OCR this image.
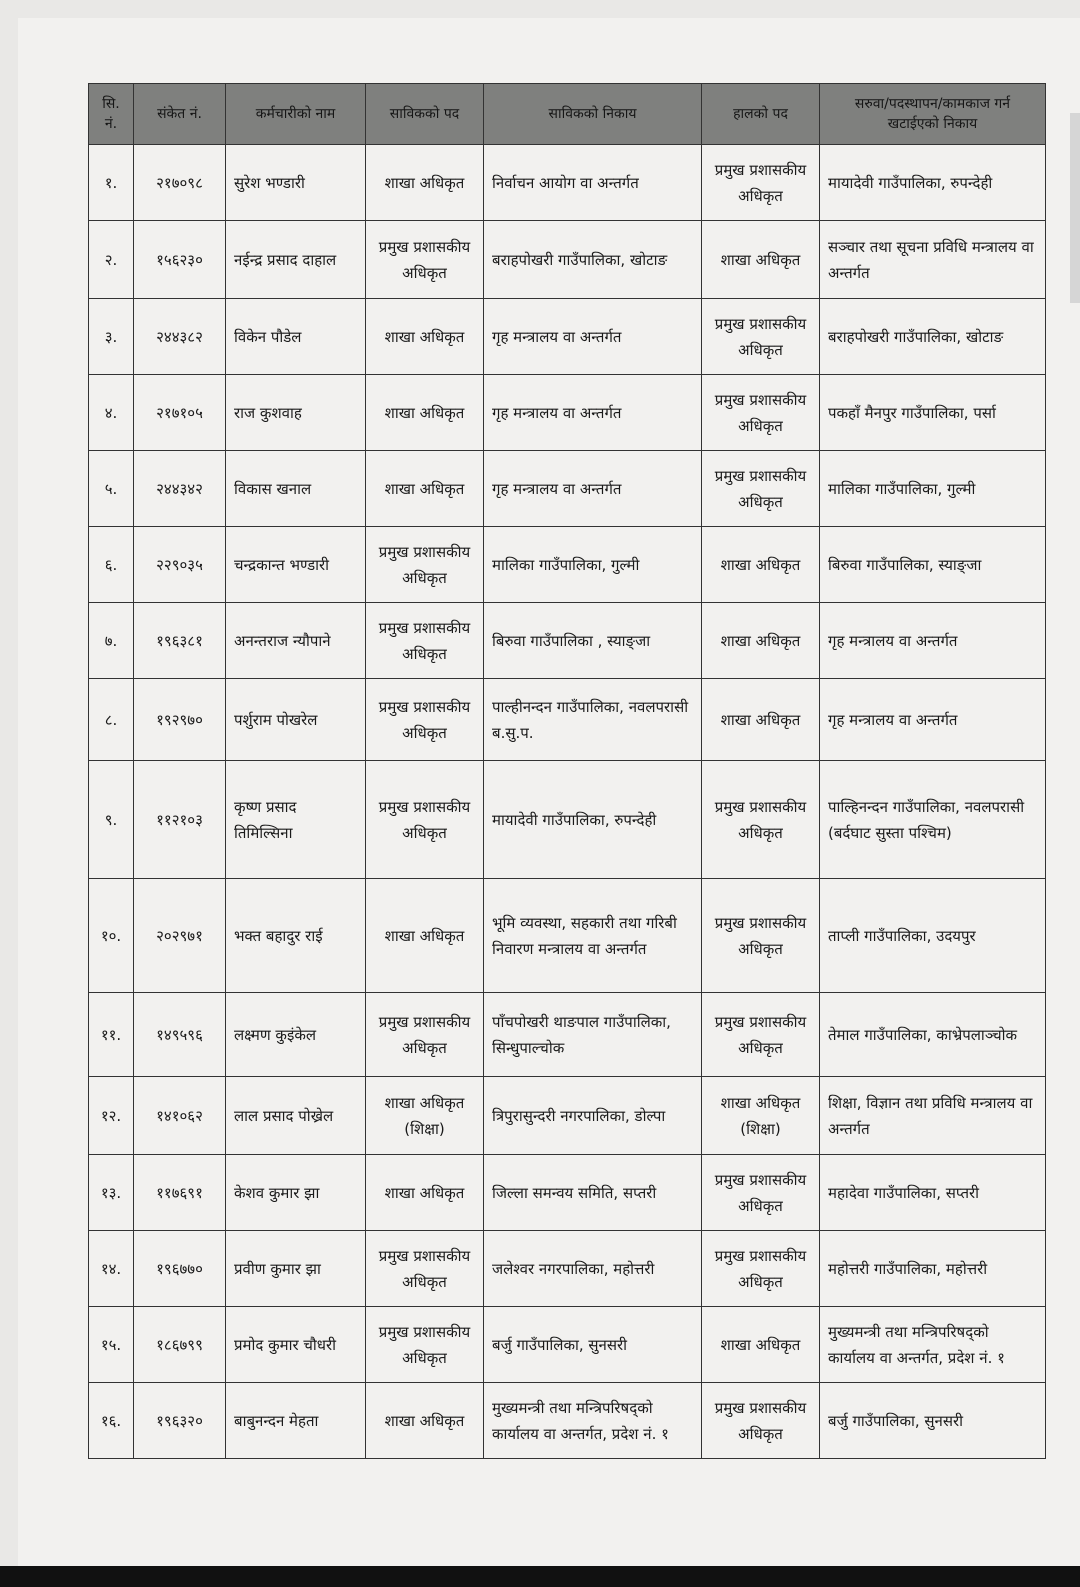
सि. नं.	संकेत नं.	कर्मचारीको नाम	साविकको पद	साविकको निकाय	हालको पद	सरुवा/पदस्थापन/कामकाज गर्न खटाईएको निकाय
१.	२१७०९८	सुरेश भण्डारी	शाखा अधिकृत	निर्वाचन आयोग वा अन्तर्गत	प्रमुख प्रशासकीय अधिकृत	मायादेवी गाउँपालिका, रुपन्देही
२.	१५६२३०	नईन्द्र प्रसाद दाहाल	प्रमुख प्रशासकीय अधिकृत	बराहपोखरी गाउँपालिका, खोटाङ	शाखा अधिकृत	सञ्चार तथा सूचना प्रविधि मन्त्रालय वा अन्तर्गत
३.	२४४३८२	विकेन पौडेल	शाखा अधिकृत	गृह मन्त्रालय वा अन्तर्गत	प्रमुख प्रशासकीय अधिकृत	बराहपोखरी गाउँपालिका, खोटाङ
४.	२१७१०५	राज कुशवाह	शाखा अधिकृत	गृह मन्त्रालय वा अन्तर्गत	प्रमुख प्रशासकीय अधिकृत	पकहाँ मैनपुर गाउँपालिका, पर्सा
५.	२४४३४२	विकास खनाल	शाखा अधिकृत	गृह मन्त्रालय वा अन्तर्गत	प्रमुख प्रशासकीय अधिकृत	मालिका गाउँपालिका, गुल्मी
६.	२२९०३५	चन्द्रकान्त भण्डारी	प्रमुख प्रशासकीय अधिकृत	मालिका गाउँपालिका, गुल्मी	शाखा अधिकृत	बिरुवा गाउँपालिका, स्याङ्जा
७.	१९६३८१	अनन्तराज न्यौपाने	प्रमुख प्रशासकीय अधिकृत	बिरुवा गाउँपालिका , स्याङ्जा	शाखा अधिकृत	गृह मन्त्रालय वा अन्तर्गत
८.	१९२९७०	पर्शुराम पोखरेल	प्रमुख प्रशासकीय अधिकृत	पाल्हीनन्दन गाउँपालिका, नवलपरासी ब.सु.प.	शाखा अधिकृत	गृह मन्त्रालय वा अन्तर्गत
९.	११२१०३	कृष्ण प्रसाद तिमिल्सिना	प्रमुख प्रशासकीय अधिकृत	मायादेवी गाउँपालिका, रुपन्देही	प्रमुख प्रशासकीय अधिकृत	पाल्हिनन्दन गाउँपालिका, नवलपरासी (बर्दघाट सुस्ता पश्चिम)
१०.	२०२९७१	भक्त बहादुर राई	शाखा अधिकृत	भूमि व्यवस्था, सहकारी तथा गरिबी निवारण मन्त्रालय वा अन्तर्गत	प्रमुख प्रशासकीय अधिकृत	ताप्ली गाउँपालिका, उदयपुर
११.	१४९५९६	लक्ष्मण कुइंकेल	प्रमुख प्रशासकीय अधिकृत	पाँचपोखरी थाङपाल गाउँपालिका, सिन्धुपाल्चोक	प्रमुख प्रशासकीय अधिकृत	तेमाल गाउँपालिका, काभ्रेपलाञ्चोक
१२.	१४१०६२	लाल प्रसाद पोख्रेल	शाखा अधिकृत (शिक्षा)	त्रिपुरासुन्दरी नगरपालिका, डोल्पा	शाखा अधिकृत (शिक्षा)	शिक्षा, विज्ञान तथा प्रविधि मन्त्रालय वा अन्तर्गत
१३.	११७६९१	केशव कुमार झा	शाखा अधिकृत	जिल्ला समन्वय समिति, सप्तरी	प्रमुख प्रशासकीय अधिकृत	महादेवा गाउँपालिका, सप्तरी
१४.	१९६७७०	प्रवीण कुमार झा	प्रमुख प्रशासकीय अधिकृत	जलेश्वर नगरपालिका, महोत्तरी	प्रमुख प्रशासकीय अधिकृत	महोत्तरी गाउँपालिका, महोत्तरी
१५.	१८६७९९	प्रमोद कुमार चौधरी	प्रमुख प्रशासकीय अधिकृत	बर्जु गाउँपालिका, सुनसरी	शाखा अधिकृत	मुख्यमन्त्री तथा मन्त्रिपरिषद्को कार्यालय वा अन्तर्गत, प्रदेश नं. १
१६.	१९६३२०	बाबुनन्दन मेहता	शाखा अधिकृत	मुख्यमन्त्री तथा मन्त्रिपरिषद्को कार्यालय वा अन्तर्गत, प्रदेश नं. १	प्रमुख प्रशासकीय अधिकृत	बर्जु गाउँपालिका, सुनसरी
